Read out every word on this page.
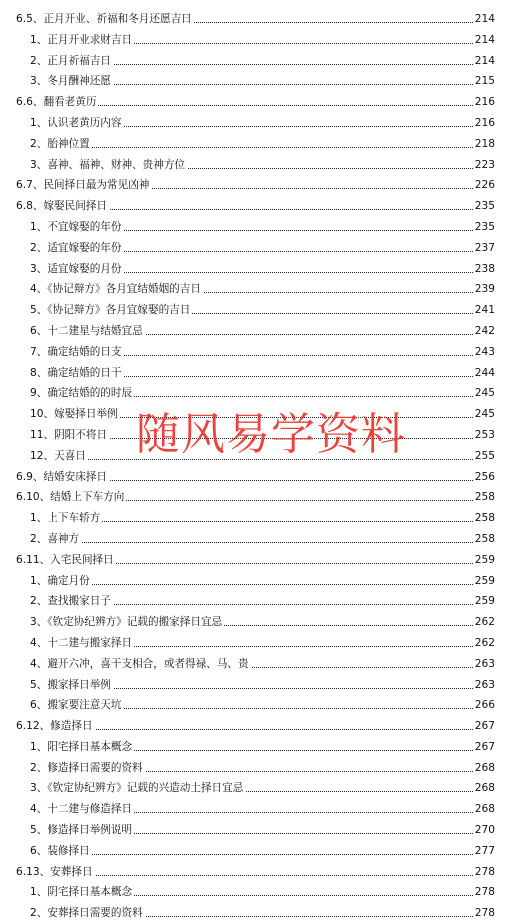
6.5、正月开业、祈福和冬月还愿吉日	214
1、正月开业求财吉日	214
2、正月祈福吉日	214
3、冬月酬神还愿	215
6.6、翻看老黄历	216
1、认识老黄历内容	216
2、胎神位置	218
3、喜神、福神、财神、贵神方位	223
6.7、民间择日最为常见凶神	226
6.8、嫁娶民间择日	235
1、不宜嫁娶的年份	235
2、适宜嫁娶的年份	237
3、适宜嫁娶的月份	238
4、《协记辩方》各月宜结婚姻的吉日	239
5、《协记辩方》各月宜嫁娶的吉日	241
6、十二建星与结婚宜忌	242
7、确定结婚的日支	243
8、确定结婚的日干	244
9、确定结婚的的时辰	245
10、嫁娶择日举例	245
11、阴阳不将日	253
12、天喜日	255
6.9、结婚安床择日	256
6.10、结婚上下车方向	258
1、上下车轿方	258
2、喜神方	258
6.11、入宅民间择日	259
1、确定月份	259
2、查找搬家日子	259
3、《钦定协纪辨方》记载的搬家择日宜忌	262
4、十二建与搬家择日	262
4、避开六冲，喜干支相合，或者得禄、马、贵	263
5、搬家择日举例	263
6、搬家要注意天坑	266
6.12、修造择日	267
1、阳宅择日基本概念	267
2、修造择日需要的资料	268
3、《钦定协纪辨方》记载的兴造动土择日宜忌	268
4、十二建与修造择日	268
5、修造择日举例说明	270
6、装修择日	277
6.13、安葬择日	278
1、阴宅择日基本概念	278
2、安葬择日需要的资料	278
随风易学资料
